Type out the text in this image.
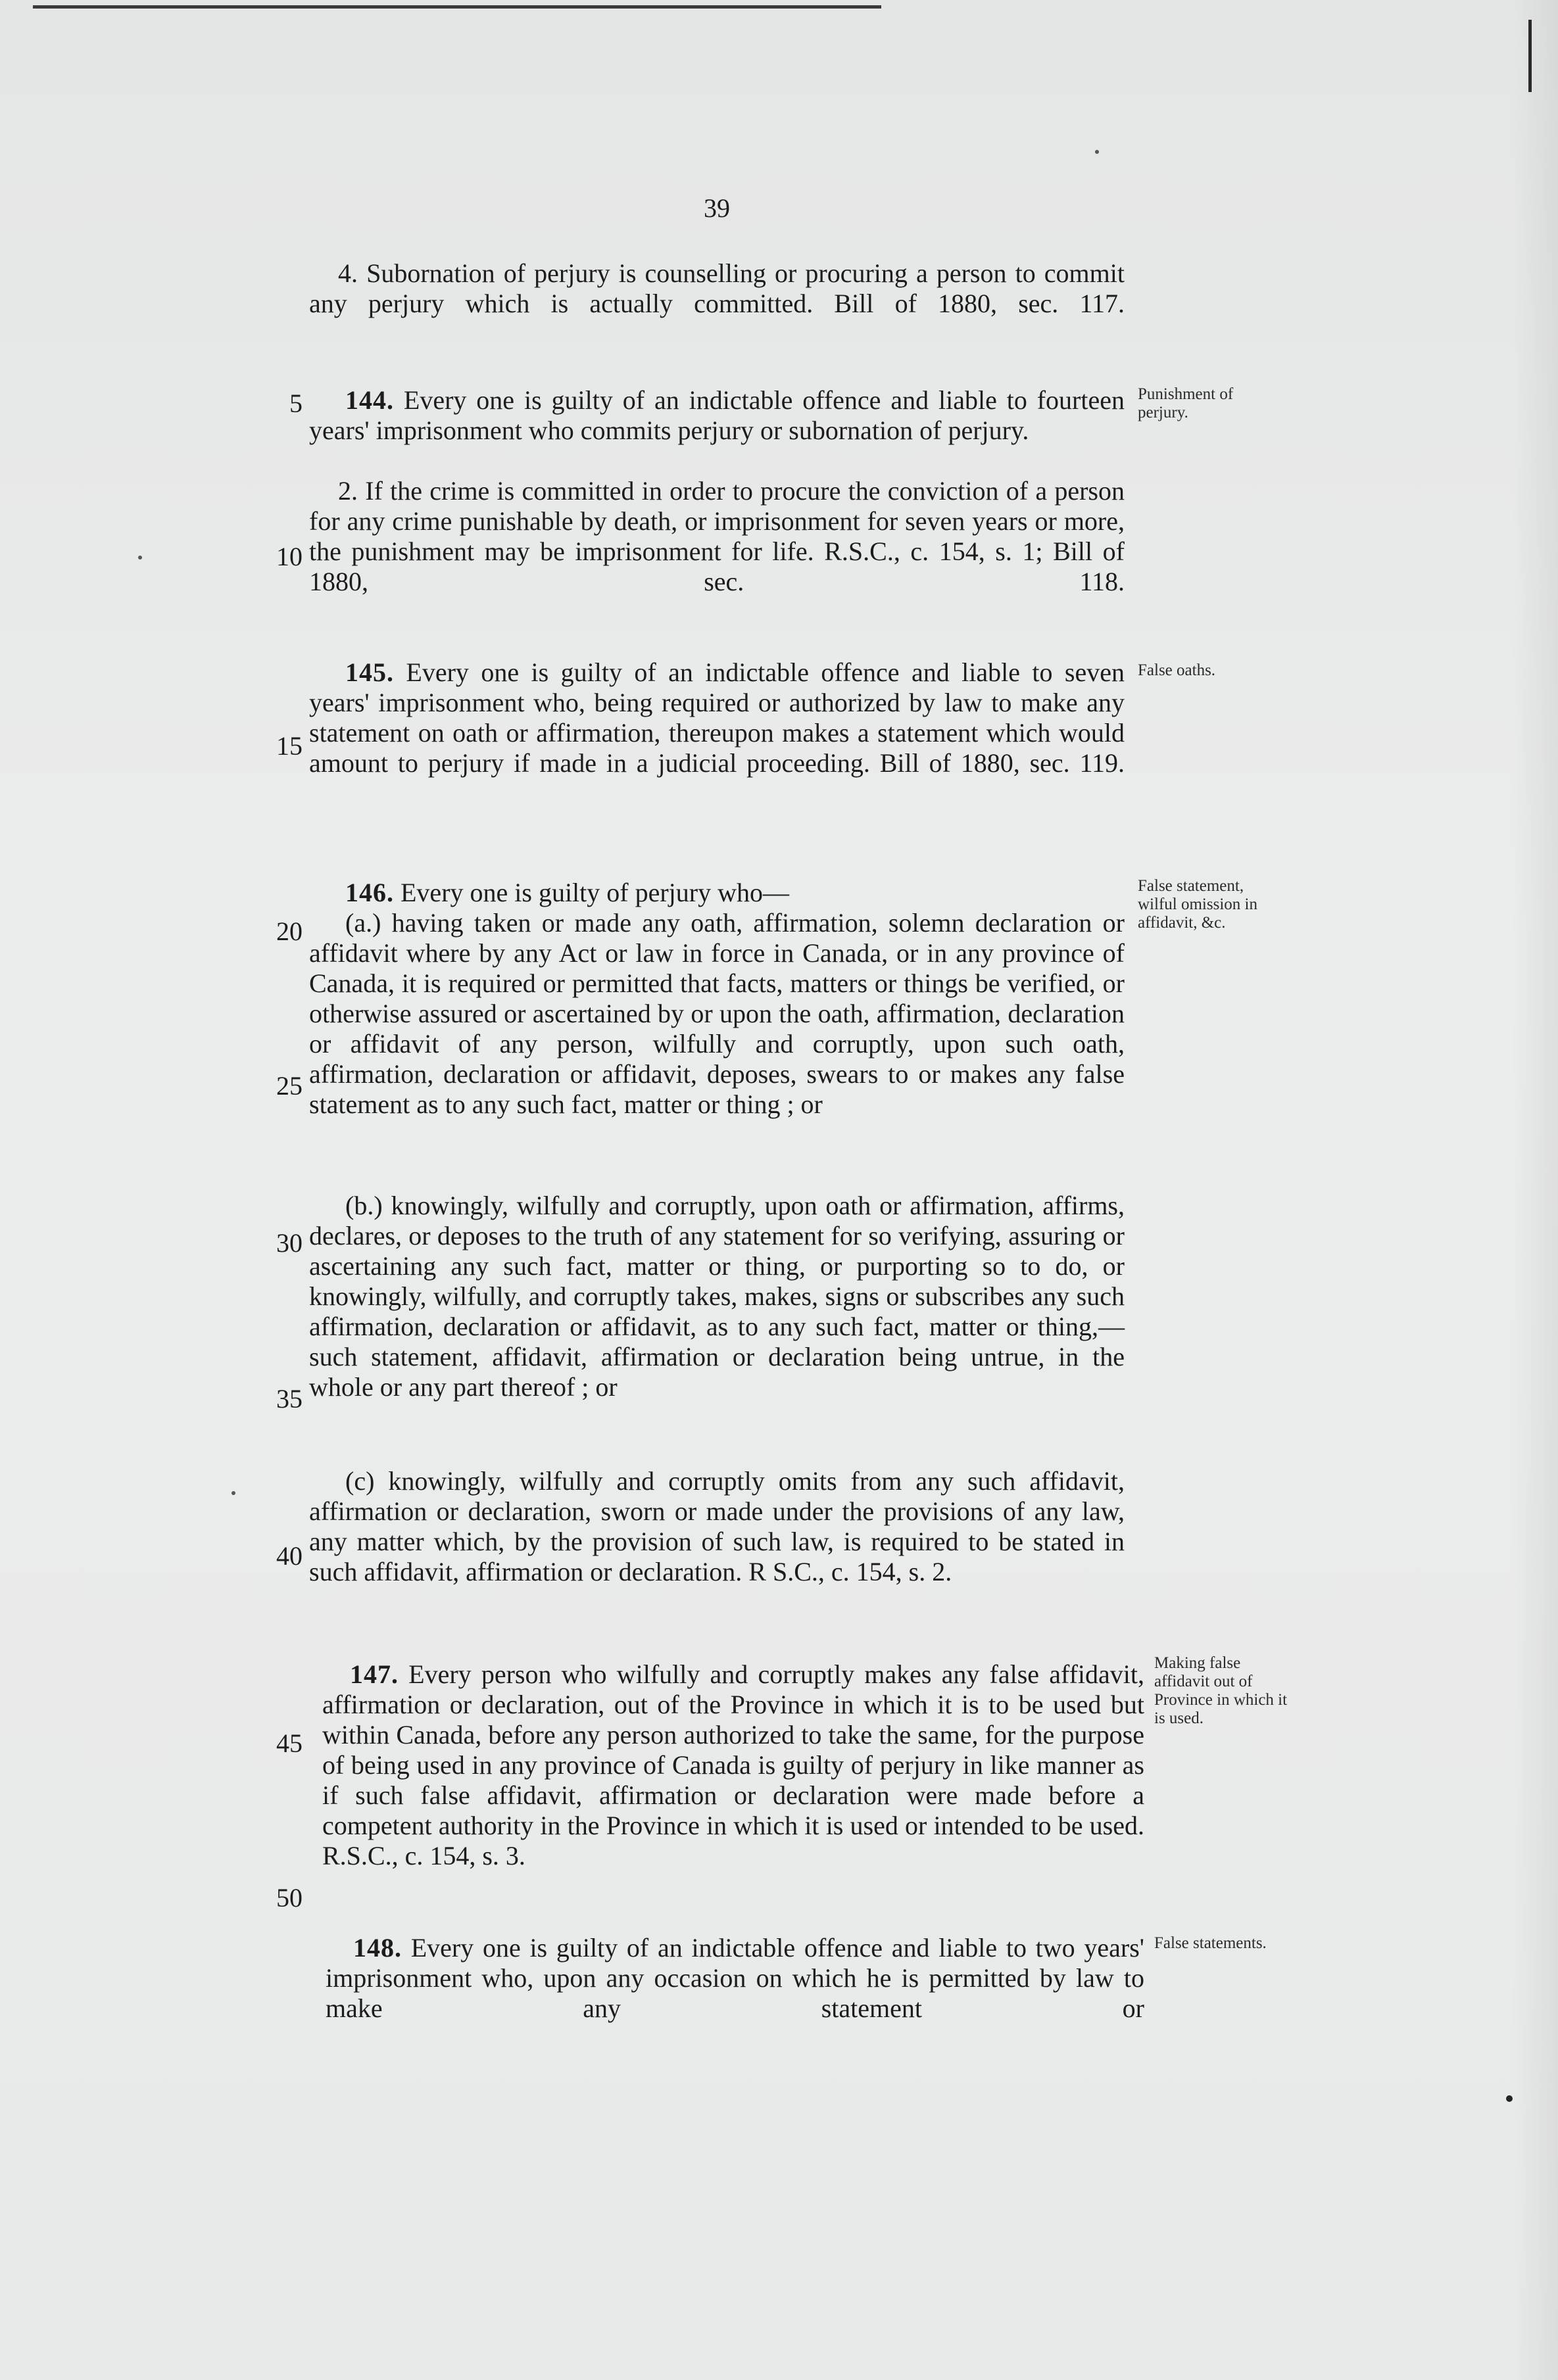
39
4. Subornation of perjury is counselling or procuring a person to commit any perjury which is actually committed. Bill of 1880, sec. 117.
144. Every one is guilty of an indictable offence and liable to fourteen years' imprisonment who commits perjury or subornation of perjury.
2. If the crime is committed in order to procure the conviction of a person for any crime punishable by death, or imprisonment for seven years or more, the punishment may be imprisonment for life. R.S.C., c. 154, s. 1; Bill of 1880, sec. 118.
145. Every one is guilty of an indictable offence and liable to seven years' imprisonment who, being required or authorized by law to make any statement on oath or affirmation, thereupon makes a statement which would amount to perjury if made in a judicial proceeding. Bill of 1880, sec. 119.
146. Every one is guilty of perjury who—
(a.) having taken or made any oath, affirmation, solemn declaration or affidavit where by any Act or law in force in Canada, or in any province of Canada, it is required or permitted that facts, matters or things be verified, or otherwise assured or ascertained by or upon the oath, affirmation, declaration or affidavit of any person, wilfully and corruptly, upon such oath, affirmation, declaration or affidavit, deposes, swears to or makes any false statement as to any such fact, matter or thing ; or
(b.) knowingly, wilfully and corruptly, upon oath or affirmation, affirms, declares, or deposes to the truth of any statement for so verifying, assuring or ascertaining any such fact, matter or thing, or purporting so to do, or knowingly, wilfully, and corruptly takes, makes, signs or subscribes any such affirmation, declaration or affidavit, as to any such fact, matter or thing,—such statement, affidavit, affirmation or declaration being untrue, in the whole or any part thereof ; or
(c) knowingly, wilfully and corruptly omits from any such affidavit, affirmation or declaration, sworn or made under the provisions of any law, any matter which, by the provision of such law, is required to be stated in such affidavit, affirmation or declaration. R S.C., c. 154, s. 2.
147. Every person who wilfully and corruptly makes any false affidavit, affirmation or declaration, out of the Province in which it is to be used but within Canada, before any person authorized to take the same, for the purpose of being used in any province of Canada is guilty of perjury in like manner as if such false affidavit, affirmation or declaration were made before a competent authority in the Province in which it is used or intended to be used. R.S.C., c. 154, s. 3.
148. Every one is guilty of an indictable offence and liable to two years' imprisonment who, upon any occasion on which he is permitted by law to make any statement or
5
10
15
20
25
30
35
40
45
50
Punishment of perjury.
False oaths.
False statement, wilful omission in affidavit, &c.
Making false affidavit out of Province in which it is used.
False statements.
